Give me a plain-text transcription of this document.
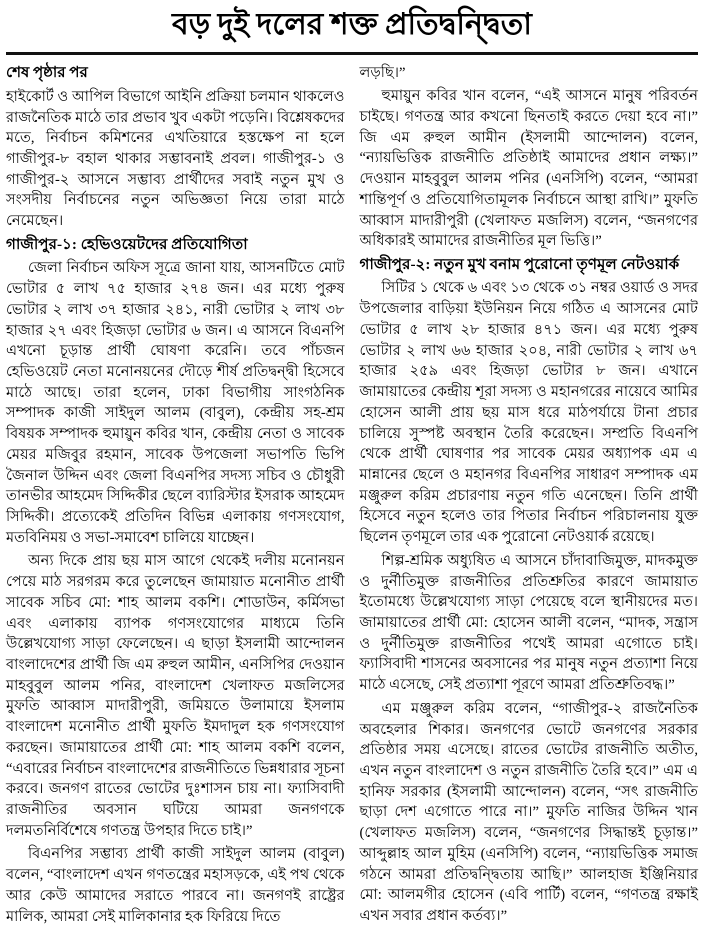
বড় দুই দলের শক্ত প্রতিদ্বন্দ্বিতা
শেষ পৃষ্ঠার পর

হাইকোর্ট ও আপিল বিভাগে আইনি প্রক্রিয়া চলমান থাকলেও রাজনৈতিক মাঠে তার প্রভাব খুব একটা পড়েনি। বিশ্লেষকদের মতে, নির্বাচন কমিশনের এখতিয়ারে হস্তক্ষেপ না হলে গাজীপুর-৮ বহাল থাকার সম্ভাবনাই প্রবল। গাজীপুর-১ ও গাজীপুর-২ আসনে সম্ভাব্য প্রার্থীদের সবাই নতুন মুখ ও সংসদীয় নির্বাচনের নতুন অভিজ্ঞতা নিয়ে তারা মাঠে নেমেছেন।

গাজীপুর-১: হেভিওয়েটদের প্রতিযোগিতা

জেলা নির্বাচন অফিস সূত্রে জানা যায়, আসনটিতে মোট ভোটার ৫ লাখ ৭৫ হাজার ২৭৪ জন। এর মধ্যে পুরুষ ভোটার ২ লাখ ৩৭ হাজার ২৪১, নারী ভোটার ২ লাখ ৩৮ হাজার ২৭ এবং হিজড়া ভোটার ৬ জন। এ আসনে বিএনপি এখনো চূড়ান্ত প্রার্থী ঘোষণা করেনি। তবে পাঁচজন হেভিওয়েট নেতা মনোনয়নের দৌড়ে শীর্ষ প্রতিদ্বন্দ্বী হিসেবে মাঠে আছে। তারা হলেন, ঢাকা বিভাগীয় সাংগঠনিক সম্পাদক কাজী সাইদুল আলম (বাবুল), কেন্দ্রীয় সহ-শ্রম বিষয়ক সম্পাদক হুমায়ুন কবির খান, কেন্দ্রীয় নেতা ও সাবেক মেয়র মজিবুর রহমান, সাবেক উপজেলা সভাপতি ভিপি জৈনাল উদ্দিন এবং জেলা বিএনপির সদস্য সচিব ও চৌধুরী তানভীর আহমেদ সিদ্দিকীর ছেলে ব্যারিস্টার ইসরাক আহমেদ সিদ্দিকী। প্রত্যেকেই প্রতিদিন বিভিন্ন এলাকায় গণসংযোগ, মতবিনিময় ও সভা-সমাবেশ চালিয়ে যাচ্ছেন।

অন্য দিকে প্রায় ছয় মাস আগে থেকেই দলীয় মনোনয়ন পেয়ে মাঠ সরগরম করে তুলেছেন জামায়াত মনোনীত প্রার্থী সাবেক সচিব মো: শাহ আলম বকশি। শোডাউন, কর্মিসভা এবং এলাকায় ব্যাপক গণসংযোগের মাধ্যমে তিনি উল্লেখযোগ্য সাড়া ফেলেছেন। এ ছাড়া ইসলামী আন্দোলন বাংলাদেশের প্রার্থী জি এম রুহুল আমীন, এনসিপির দেওয়ান মাহবুবুল আলম পনির, বাংলাদেশ খেলাফত মজলিসের মুফতি আব্বাস মাদারীপুরী, জমিয়তে উলামায়ে ইসলাম বাংলাদেশ মনোনীত প্রার্থী মুফতি ইমদাদুল হক গণসংযোগ করছেন। জামায়াতের প্রার্থী মো: শাহ আলম বকশি বলেন, “এবারের নির্বাচন বাংলাদেশের রাজনীতিতে ভিন্নধারার সূচনা করবে। জনগণ রাতের ভোটের দুঃশাসন চায় না। ফ্যাসিবাদী রাজনীতির অবসান ঘটিয়ে আমরা জনগণকে দলমতনির্বিশেষে গণতন্ত্র উপহার দিতে চাই।”

বিএনপির সম্ভাব্য প্রার্থী কাজী সাইদুল আলম (বাবুল) বলেন, “বাংলাদেশ এখন গণতন্ত্রের মহাসড়কে, এই পথ থেকে আর কেউ আমাদের সরাতে পারবে না। জনগণই রাষ্ট্রের মালিক, আমরা সেই মালিকানার হক ফিরিয়ে দিতে

লড়ছি।”

হুমায়ুন কবির খান বলেন, “এই আসনে মানুষ পরিবর্তন চাইছে। গণতন্ত্র আর কখনো ছিনতাই করতে দেয়া হবে না।” জি এম রুহুল আমীন (ইসলামী আন্দোলন) বলেন, “ন্যায়ভিত্তিক রাজনীতি প্রতিষ্ঠাই আমাদের প্রধান লক্ষ্য।” দেওয়ান মাহবুবুল আলম পনির (এনসিপি) বলেন, “আমরা শান্তিপূর্ণ ও প্রতিযোগিতামূলক নির্বাচনে আস্থা রাখি।” মুফতি আব্বাস মাদারীপুরী (খেলাফত মজলিস) বলেন, “জনগণের অধিকারই আমাদের রাজনীতির মূল ভিত্তি।”

গাজীপুর-২: নতুন মুখ বনাম পুরোনো তৃণমূল নেটওয়ার্ক

সিটির ১ থেকে ৬ এবং ১৩ থেকে ৩১ নম্বর ওয়ার্ড ও সদর উপজেলার বাড়িয়া ইউনিয়ন নিয়ে গঠিত এ আসনের মোট ভোটার ৫ লাখ ২৮ হাজার ৪৭১ জন। এর মধ্যে পুরুষ ভোটার ২ লাখ ৬৬ হাজার ২০৪, নারী ভোটার ২ লাখ ৬৭ হাজার ২৫৯ এবং হিজড়া ভোটার ৮ জন। এখানে জামায়াতের কেন্দ্রীয় শূরা সদস্য ও মহানগরের নায়েবে আমির হোসেন আলী প্রায় ছয় মাস ধরে মাঠপর্যায়ে টানা প্রচার চালিয়ে সুস্পষ্ট অবস্থান তৈরি করেছেন। সম্প্রতি বিএনপি থেকে প্রার্থী ঘোষণার পর সাবেক মেয়র অধ্যাপক এম এ মান্নানের ছেলে ও মহানগর বিএনপির সাধারণ সম্পাদক এম মঞ্জুরুল করিম প্রচারণায় নতুন গতি এনেছেন। তিনি প্রার্থী হিসেবে নতুন হলেও তার পিতার নির্বাচন পরিচালনায় যুক্ত ছিলেন তৃণমূলে তার এক পুরোনো নেটওয়ার্ক রয়েছে।

শিল্প-শ্রমিক অধ্যুষিত এ আসনে চাঁদাবাজিমুক্ত, মাদকমুক্ত ও দুর্নীতিমুক্ত রাজনীতির প্রতিশ্রুতির কারণে জামায়াত ইতোমধ্যে উল্লেখযোগ্য সাড়া পেয়েছে বলে স্থানীয়দের মত। জামায়াতের প্রার্থী মো: হোসেন আলী বলেন, “মাদক, সন্ত্রাস ও দুর্নীতিমুক্ত রাজনীতির পথেই আমরা এগোতে চাই। ফ্যাসিবাদী শাসনের অবসানের পর মানুষ নতুন প্রত্যাশা নিয়ে মাঠে এসেছে, সেই প্রত্যাশা পূরণে আমরা প্রতিশ্রুতিবদ্ধ।”

এম মঞ্জুরুল করিম বলেন, “গাজীপুর-২ রাজনৈতিক অবহেলার শিকার। জনগণের ভোটে জনগণের সরকার প্রতিষ্ঠার সময় এসেছে। রাতের ভোটের রাজনীতি অতীত, এখন নতুন বাংলাদেশ ও নতুন রাজনীতি তৈরি হবে।” এম এ হানিফ সরকার (ইসলামী আন্দোলন) বলেন, “সৎ রাজনীতি ছাড়া দেশ এগোতে পারে না।” মুফতি নাজির উদ্দিন খান (খেলাফত মজলিস) বলেন, “জনগণের সিদ্ধান্তই চূড়ান্ত।” আব্দুল্লাহ আল মুহিম (এনসিপি) বলেন, “ন্যায়ভিত্তিক সমাজ গঠনে আমরা প্রতিদ্বন্দ্বিতায় আছি।” আলহাজ ইঞ্জিনিয়ার মো: আলমগীর হোসেন (এবি পার্টি) বলেন, “গণতন্ত্র রক্ষাই এখন সবার প্রধান কর্তব্য।”
